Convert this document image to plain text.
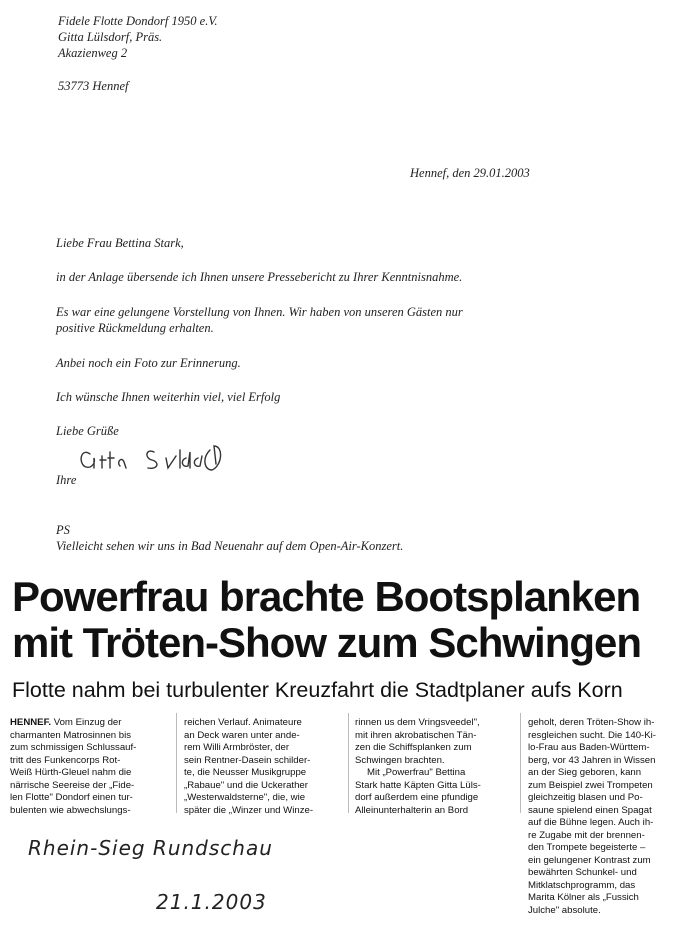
Fidele Flotte Dondorf 1950 e.V.
Gitta Lülsdorf, Präs.
Akazienweg 2
53773 Hennef
Hennef, den 29.01.2003
Liebe Frau Bettina Stark,
in der Anlage übersende ich Ihnen unsere Pressebericht zu Ihrer Kenntnisnahme.
Es war eine gelungene Vorstellung von Ihnen. Wir haben von unseren Gästen nur
positive Rückmeldung erhalten.
Anbei noch ein Foto zur Erinnerung.
Ich wünsche Ihnen weiterhin viel, viel Erfolg
Liebe Grüße
Ihre
PS
Vielleicht sehen wir uns in Bad Neuenahr auf dem Open-Air-Konzert.
Powerfrau brachte Bootsplanken
mit Tröten-Show zum Schwingen
Flotte nahm bei turbulenter Kreuzfahrt die Stadtplaner aufs Korn
HENNEF. Vom Einzug der
charmanten Matrosinnen bis
zum schmissigen Schlussauf-
tritt des Funkencorps Rot-
Weiß Hürth-Gleuel nahm die
närrische Seereise der „Fide-
len Flotte" Dondorf einen tur-
bulenten wie abwechslungs-
reichen Verlauf. Animateure
an Deck waren unter ande-
rem Willi Armbröster, der
sein Rentner-Dasein schilder-
te, die Neusser Musikgruppe
„Rabaue" und die Uckerather
„Westerwaldsterne", die, wie
später die „Winzer und Winze-
rinnen us dem Vringsveedel",
mit ihren akrobatischen Tän-
zen die Schiffsplanken zum
Schwingen brachten.
Mit „Powerfrau" Bettina
Stark hatte Käpten Gitta Lüls-
dorf außerdem eine pfundige
Alleinunterhalterin an Bord
geholt, deren Tröten-Show ih-
resgleichen sucht. Die 140-Ki-
lo-Frau aus Baden-Württem-
berg, vor 43 Jahren in Wissen
an der Sieg geboren, kann
zum Beispiel zwei Trompeten
gleichzeitig blasen und Po-
saune spielend einen Spagat
auf die Bühne legen. Auch ih-
re Zugabe mit der brennen-
den Trompete begeisterte –
ein gelungener Kontrast zum
bewährten Schunkel- und
Mitklatschprogramm, das
Marita Kölner als „Fussich
Julche" absolute.
Rhein-Sieg Rundschau
21.1.2003
